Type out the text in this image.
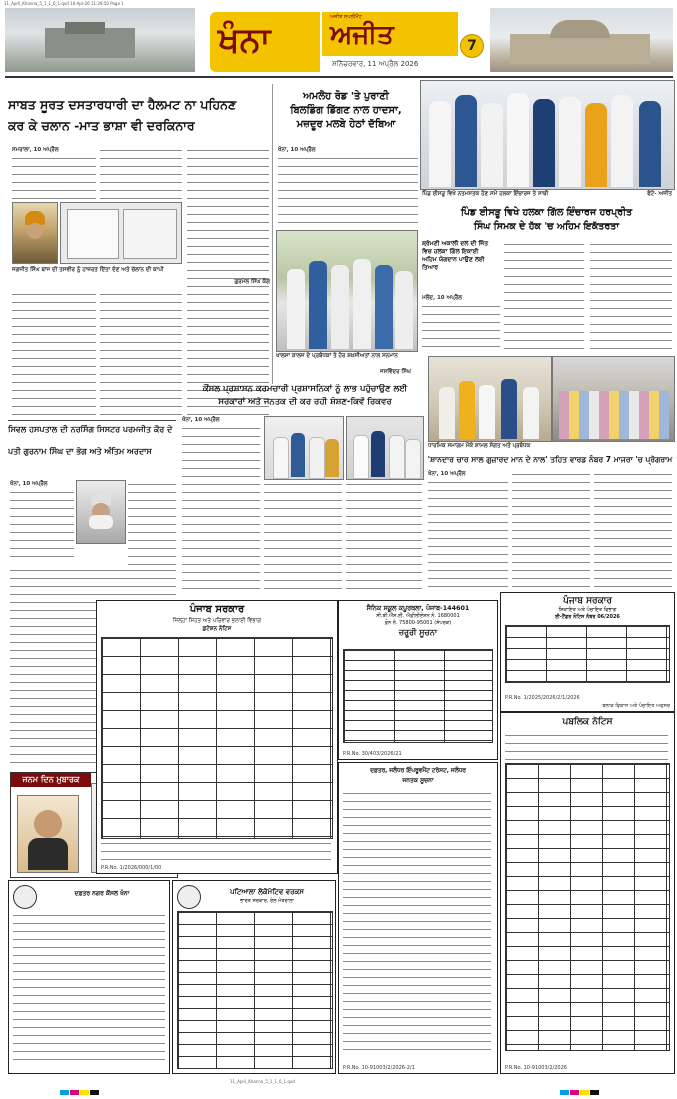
11_April_Khanna_5_1_1_6_1.qxd 10-Apr-26 11:28:50 Page 1
ਖੰਨਾ
ਅਜੀਤ ਸਪਲੀਮੈਂਟ
ਅਜੀਤ
ਸ਼ਨਿੱਚਰਵਾਰ, 11 ਅਪ੍ਰੈਲ 2026
7
ਸਾਬਤ ਸੂਰਤ ਦਸਤਾਰਧਾਰੀ ਦਾ ਹੈਲਮਟ ਨਾ ਪਹਿਨਣ
ਕਰ ਕੇ ਚਲਾਨ -ਮਾਤ ਭਾਸ਼ਾ ਵੀ ਦਰਕਿਨਾਰ
ਸਮਰਾਲਾ, 10 ਅਪ੍ਰੈਲ
ਜਗਜੀਤ ਸਿੰਘ ਬਾਜ ਦੀ ਤਸਵੀਰ ਨੂੰ ਹਾਜ਼ਰਤ ਦਿੱਤਾ ਦੇਣ ਅਤੇ ਚੱਲਾਨ ਦੀ ਕਾਪੀ
ਗੁਰਮੇਲ ਸਿੰਘ ਕੰਗ
ਅਮਲੋਹ ਰੋਡ 'ਤੇ ਪੁਰਾਣੀ
ਬਿਲਡਿੰਗ ਡਿੱਗਣ ਨਾਲ ਹਾਦਸਾ,
ਮਜ਼ਦੂਰ ਮਲਬੇ ਹੇਠਾਂ ਦੱਬਿਆ
ਖੰਨਾ, 10 ਅਪ੍ਰੈਲ
ਖਾਲਸਾ ਕਾਲਜ ਦੇ ਪ੍ਰਬੰਧਕਾਂ ਤੇ ਹੋਰ ਸ਼ਖ਼ਸੀਅਤਾਂ ਨਾਲ ਸਨਮਾਨ
ਜਸਵਿੰਦਰ ਸਿੰਘ
ਪਿੰਡ ਈਸੜੂ ਵਿਖੇ ਨਤਮਸਤਕ ਹੋਣ ਸਮੇਂ ਹਲਕਾ ਇੰਚਾਰਜ ਤੇ ਸਾਥੀ	ਫੋਟੋ- ਅਜੀਤ
ਪਿੰਡ ਈਸੜੂ ਵਿਖੇ ਹਲਕਾ ਗਿੱਲ ਇੰਚਾਰਜ ਹਰਪ੍ਰੀਤ
ਸਿੰਘ ਸਿਮਕ ਦੇ ਹੱਕ 'ਚ ਅਹਿਮ ਇਕੱਤਰਤਾ
ਸ਼੍ਰੋਮਣੀ ਅਕਾਲੀ ਦਲ ਦੀ ਜਿੱਤ ਵਿਚ ਹਲਕਾ ਗਿੱਲ ਇਕਾਈ ਅਹਿਮ ਯੋਗਦਾਨ ਪਾਉਣ ਲਈ ਤਿਆਰ
ਮਲੌਦ, 10 ਅਪ੍ਰੈਲ
ਕੌਂਸਲ ਪ੍ਰਸ਼ਾਸਨ ਕਰਮਚਾਰੀ ਪ੍ਰਸ਼ਾਸਨਿਕਾਂ ਨੂੰ ਲਾਭ ਪਹੁੰਚਾਉਣ ਲਈ
ਸਰਕਾਰਾਂ ਅਤੇ ਜਨਤਕ ਦੀ ਕਰ ਰਹੀ ਸ਼ੋਸ਼ਣ-ਕਿਵੇਂ ਰਿਕਵਰ
ਖੰਨਾ, 10 ਅਪ੍ਰੈਲ
ਧਾਰਮਿਕ ਸਮਾਗਮ ਮੌਕੇ ਸ਼ਾਮਲ ਸੰਗਤ ਅਤੇ ਪ੍ਰਬੰਧਕ
'ਸ਼ਾਨਦਾਰ ਚਾਰ ਸਾਲ ਗੁਜ਼ਾਰਦ ਮਾਨ ਦੇ ਨਾਲ' ਤਹਿਤ ਵਾਰਡ ਨੰਬਰ 7 ਮਾਜਰਾ 'ਚ ਪ੍ਰੋਗਰਾਮ
ਖੰਨਾ, 10 ਅਪ੍ਰੈਲ
ਸਿਵਲ ਹਸਪਤਾਲ ਦੀ ਨਰਸਿੰਗ ਸਿਸਟਰ ਪਰਮਜੀਤ ਕੌਰ ਦੇ
ਪਤੀ ਗੁਰਨਾਮ ਸਿੰਘ ਦਾ ਭੋਗ ਅਤੇ ਅੰਤਿਮ ਅਰਦਾਸ
ਖੰਨਾ, 10 ਅਪ੍ਰੈਲ
ਜਨਮ ਦਿਨ ਮੁਬਾਰਕ
ਪੰਜਾਬ ਸਰਕਾਰ
ਜਿਲ੍ਹਾ ਸਿਹਤ ਅਤੇ ਪਰਿਵਾਰ ਭਲਾਈ ਵਿਭਾਗ
ਕੁਟੇਸ਼ਨ ਨੋਟਿਸ
P.R.No. 1/2026/000/1/00
ਸੈਨਿਕ ਸਕੂਲ ਕਪੂਰਥਲਾ, ਪੰਜਾਬ-144601
ਸੀ.ਬੀ.ਐੱਸ.ਈ. ਐਫ਼ੀਲੀਏਸ਼ਨ ਨੰ. 1680001
ਫ਼ੋਨ ਨੰ. 75800-95001 (ਸੰਪਰਕ)
ਜ਼ਰੂਰੀ ਸੂਚਨਾ
P.R.No. 30/403/2026/21
ਦਫ਼ਤਰ, ਜਲੰਧਰ ਇੰਪਰੂਵਮੈਂਟ ਟਰੱਸਟ, ਜਲੰਧਰ
ਜਨਤਕ ਸੂਚਨਾ
P.R.No. 10-91003/2/2026-2/1
ਪੰਜਾਬ ਸਰਕਾਰ
ਸ਼ਿਕਾਇਤ ਅਤੇ ਪੰਚਾਇਤ ਵਿਭਾਗ
ਈ-ਟੈਂਡਰ ਨੋਟਿਸ ਨੰਬਰ 06/2026
P.R.No. 1/2025/2026/2/1/2026
ਬਲਾਕ ਵਿਕਾਸ ਅਤੇ ਪੰਚਾਇਤ ਅਫਸਰ
ਪਬਲਿਕ ਨੋਟਿਸ
P.R.No. 10-91003/2/2026
ਦਫ਼ਤਰ ਨਗਰ ਕੌਂਸਲ ਖੰਨਾ	ਪਟਿਆਲਾ ਲੋਕੋਮੋਟਿਵ ਵਰਕਸ
ਭਾਰਤ ਸਰਕਾਰ, ਰੇਲ ਮੰਤਰਾਲਾ
11_April_Khanna_5_1_1_6_1.qxd
